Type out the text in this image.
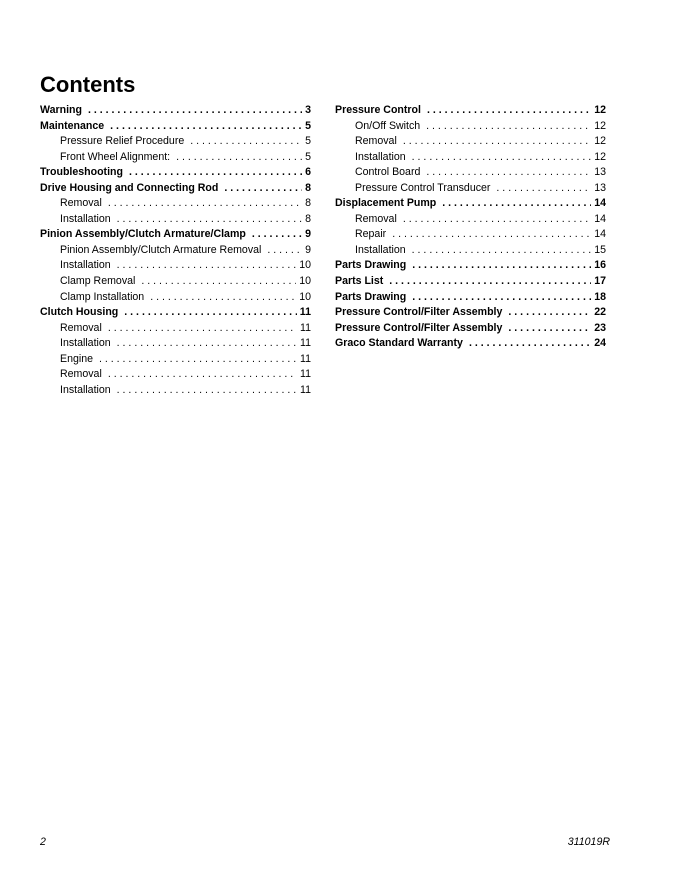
Contents
Warning . . .	3
Maintenance . . .	5
Pressure Relief Procedure . . .	5
Front Wheel Alignment: . . .	5
Troubleshooting . . .	6
Drive Housing and Connecting Rod . . .	8
Removal . . .	8
Installation . . .	8
Pinion Assembly/Clutch Armature/Clamp . . .	9
Pinion Assembly/Clutch Armature Removal . . .	9
Installation . . .	10
Clamp Removal . . .	10
Clamp Installation . . .	10
Clutch Housing . . .	11
Removal . . .	11
Installation . . .	11
Engine . . .	11
Removal . . .	11
Installation . . .	11
Pressure Control . . .	12
On/Off Switch . . .	12
Removal . . .	12
Installation . . .	12
Control Board . . .	13
Pressure Control Transducer . . .	13
Displacement Pump . . .	14
Removal . . .	14
Repair . . .	14
Installation . . .	15
Parts Drawing . . .	16
Parts List . . .	17
Parts Drawing . . .	18
Pressure Control/Filter Assembly . . .	22
Pressure Control/Filter Assembly . . .	23
Graco Standard Warranty . . .	24
2	311019R
